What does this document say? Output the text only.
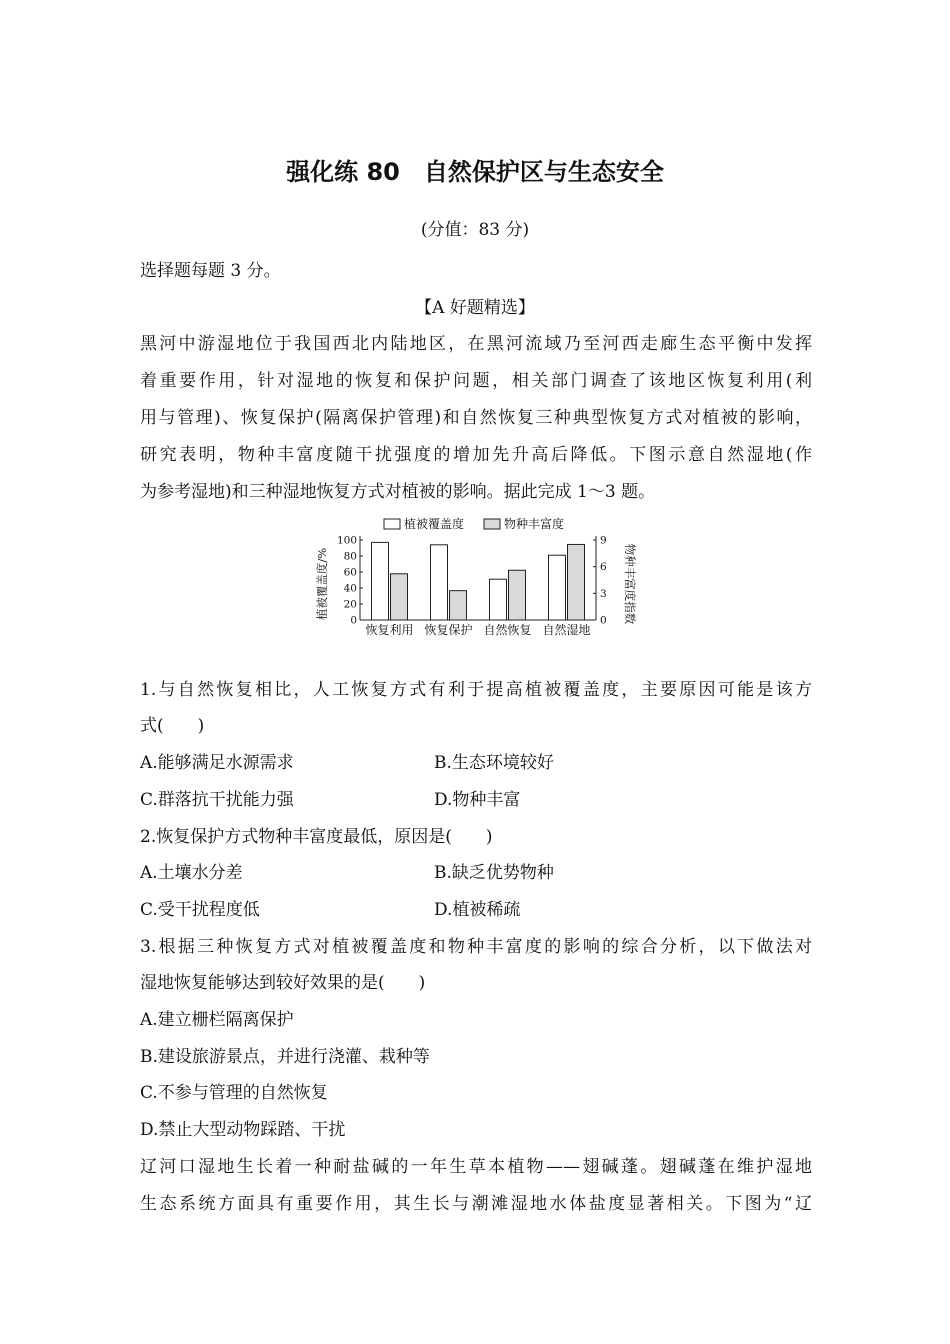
强化练 80　自然保护区与生态安全
(分值：83 分)
选择题每题 3 分。
【A 好题精选】
黑河中游湿地位于我国西北内陆地区，在黑河流域乃至河西走廊生态平衡中发挥
着重要作用，针对湿地的恢复和保护问题，相关部门调查了该地区恢复利用(利
用与管理)、恢复保护(隔离保护管理)和自然恢复三种典型恢复方式对植被的影响，
研究表明，物种丰富度随干扰强度的增加先升高后降低。下图示意自然湿地(作
为参考湿地)和三种湿地恢复方式对植被的影响。据此完成 1～3 题。
0
20
40
60
80
100
0
3
6
9
恢复利用 恢复保护 自然恢复 自然湿地
植被覆盖度	物种丰富度
植被覆盖度/%	物种丰富度指数
1.与自然恢复相比，人工恢复方式有利于提高植被覆盖度，主要原因可能是该方
式(　　)
A.能够满足水源需求	B.生态环境较好
C.群落抗干扰能力强	D.物种丰富
2.恢复保护方式物种丰富度最低，原因是(　　)
A.土壤水分差	B.缺乏优势物种
C.受干扰程度低	D.植被稀疏
3.根据三种恢复方式对植被覆盖度和物种丰富度的影响的综合分析，以下做法对
湿地恢复能够达到较好效果的是(　　)
A.建立栅栏隔离保护
B.建设旅游景点，并进行浇灌、栽种等
C.不参与管理的自然恢复
D.禁止大型动物踩踏、干扰
辽河口湿地生长着一种耐盐碱的一年生草本植物——翅碱蓬。翅碱蓬在维护湿地
生态系统方面具有重要作用，其生长与潮滩湿地水体盐度显著相关。下图为“辽
